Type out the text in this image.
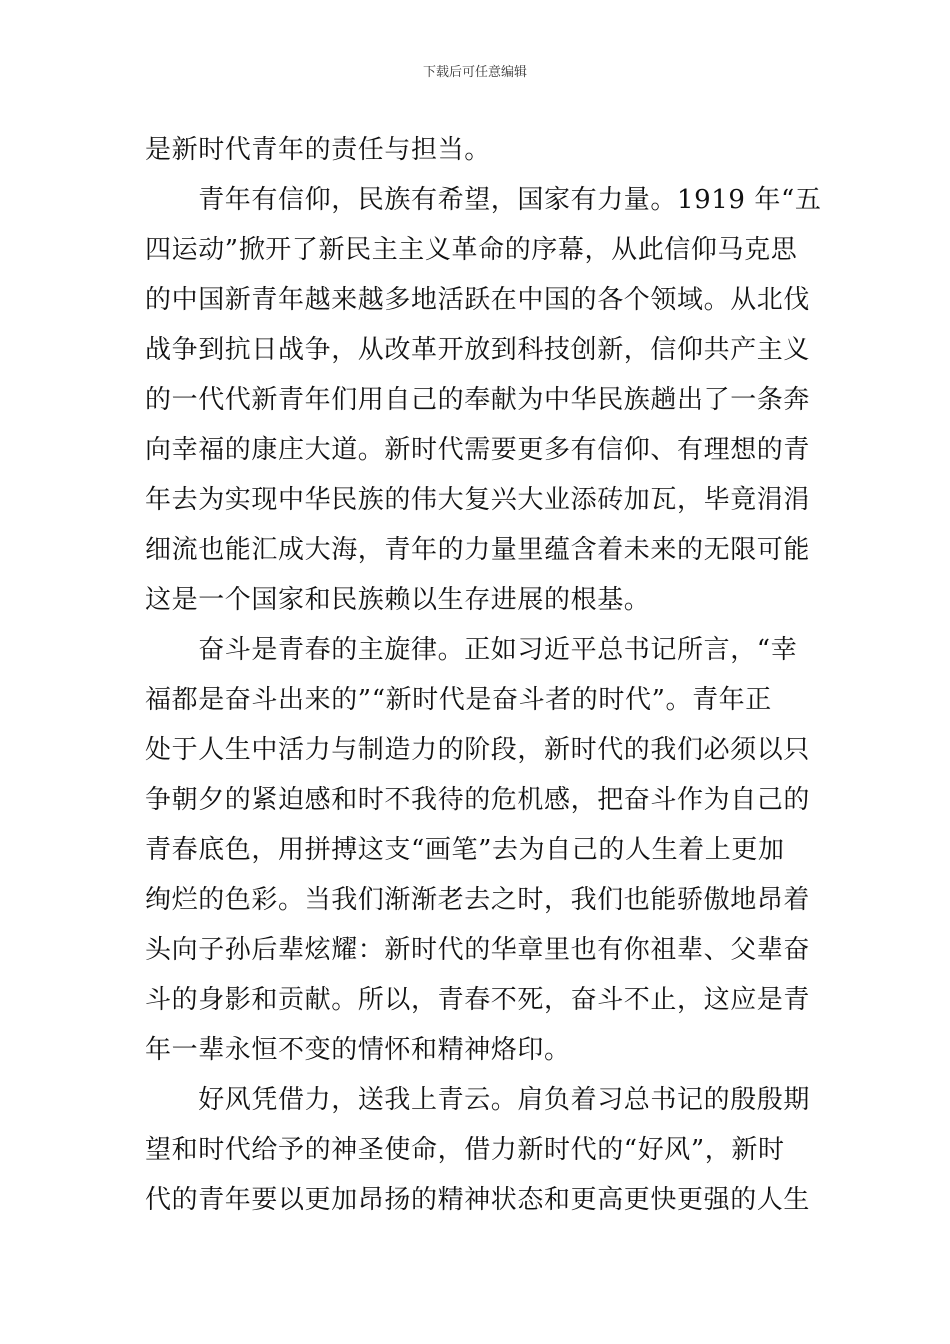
下载后可任意编辑
是新时代青年的责任与担当。
　　青年有信仰，民族有希望，国家有力量。1919 年“五
四运动”掀开了新民主主义革命的序幕，从此信仰马克思
的中国新青年越来越多地活跃在中国的各个领域。从北伐
战争到抗日战争，从改革开放到科技创新，信仰共产主义
的一代代新青年们用自己的奉献为中华民族趟出了一条奔
向幸福的康庄大道。新时代需要更多有信仰、有理想的青
年去为实现中华民族的伟大复兴大业添砖加瓦，毕竟涓涓
细流也能汇成大海，青年的力量里蕴含着未来的无限可能
这是一个国家和民族赖以生存进展的根基。
　　奋斗是青春的主旋律。正如习近平总书记所言，“幸
福都是奋斗出来的”“新时代是奋斗者的时代”。青年正
处于人生中活力与制造力的阶段，新时代的我们必须以只
争朝夕的紧迫感和时不我待的危机感，把奋斗作为自己的
青春底色，用拼搏这支“画笔”去为自己的人生着上更加
绚烂的色彩。当我们渐渐老去之时，我们也能骄傲地昂着
头向子孙后辈炫耀：新时代的华章里也有你祖辈、父辈奋
斗的身影和贡献。所以，青春不死，奋斗不止，这应是青
年一辈永恒不变的情怀和精神烙印。
　　好风凭借力，送我上青云。肩负着习总书记的殷殷期
望和时代给予的神圣使命，借力新时代的“好风”，新时
代的青年要以更加昂扬的精神状态和更高更快更强的人生
